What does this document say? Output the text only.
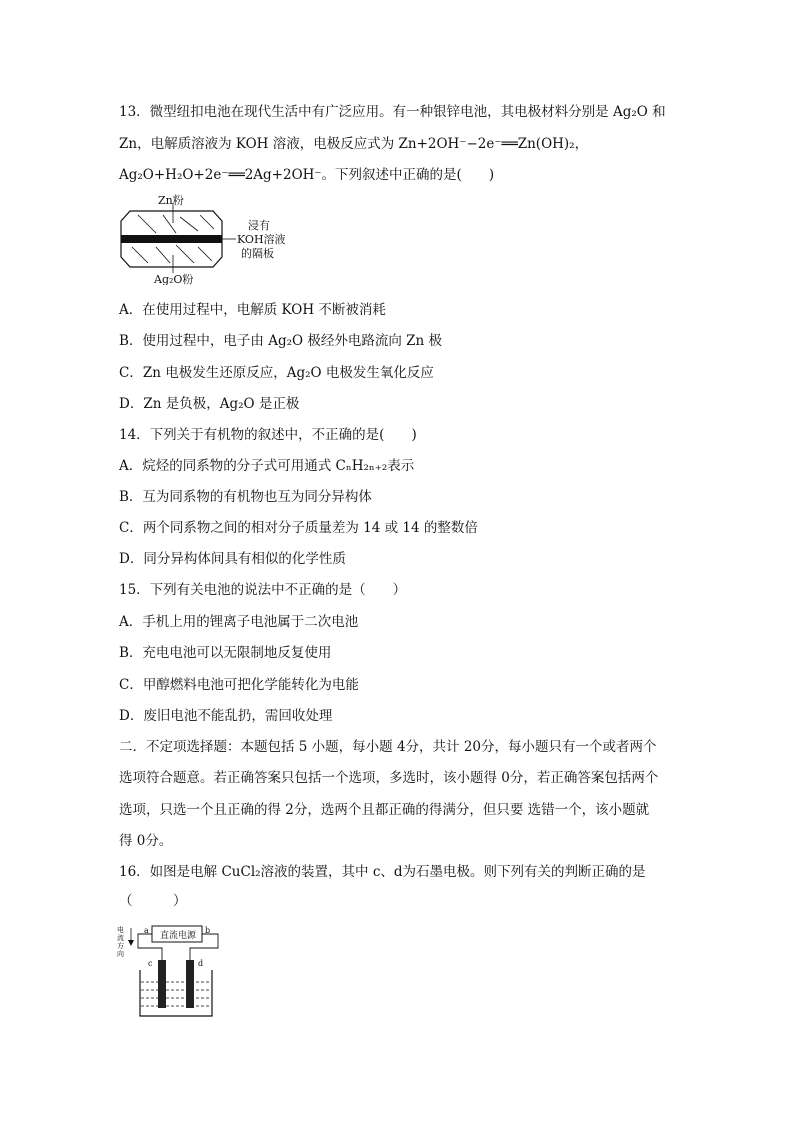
13．微型纽扣电池在现代生活中有广泛应用。有一种银锌电池，其电极材料分别是 Ag₂O 和
Zn，电解质溶液为 KOH 溶液，电极反应式为 Zn+2OH⁻−2e⁻══Zn(OH)₂，
Ag₂O+H₂O+2e⁻══2Ag+2OH⁻。下列叙述中正确的是(　　)
Zn粉
Ag₂O粉
浸有
KOH溶液
的隔板
A．在使用过程中，电解质 KOH 不断被消耗
B．使用过程中，电子由 Ag₂O 极经外电路流向 Zn 极
C．Zn 电极发生还原反应，Ag₂O 电极发生氧化反应
D．Zn 是负极，Ag₂O 是正极
14．下列关于有机物的叙述中，不正确的是(　　)
A．烷烃的同系物的分子式可用通式 CₙH₂ₙ₊₂表示
B．互为同系物的有机物也互为同分异构体
C．两个同系物之间的相对分子质量差为 14 或 14 的整数倍
D．同分异构体间具有相似的化学性质
15．下列有关电池的说法中不正确的是（　　）
A．手机上用的锂离子电池属于二次电池
B．充电电池可以无限制地反复使用
C．甲醇燃料电池可把化学能转化为电能
D．废旧电池不能乱扔，需回收处理
二．不定项选择题：本题包括 5 小题，每小题 4分，共计 20分，每小题只有一个或者两个
选项符合题意。若正确答案只包括一个选项，多选时，该小题得 0分，若正确答案包括两个
选项，只选一个且正确的得 2分，选两个且都正确的得满分，但只要 选错一个，该小题就
得 0分。
16．如图是电解 CuCl₂溶液的装置，其中 c、d为石墨电极。则下列有关的判断正确的是
（　　　）
电
流
方
向
直流电源
a	b
c	d
